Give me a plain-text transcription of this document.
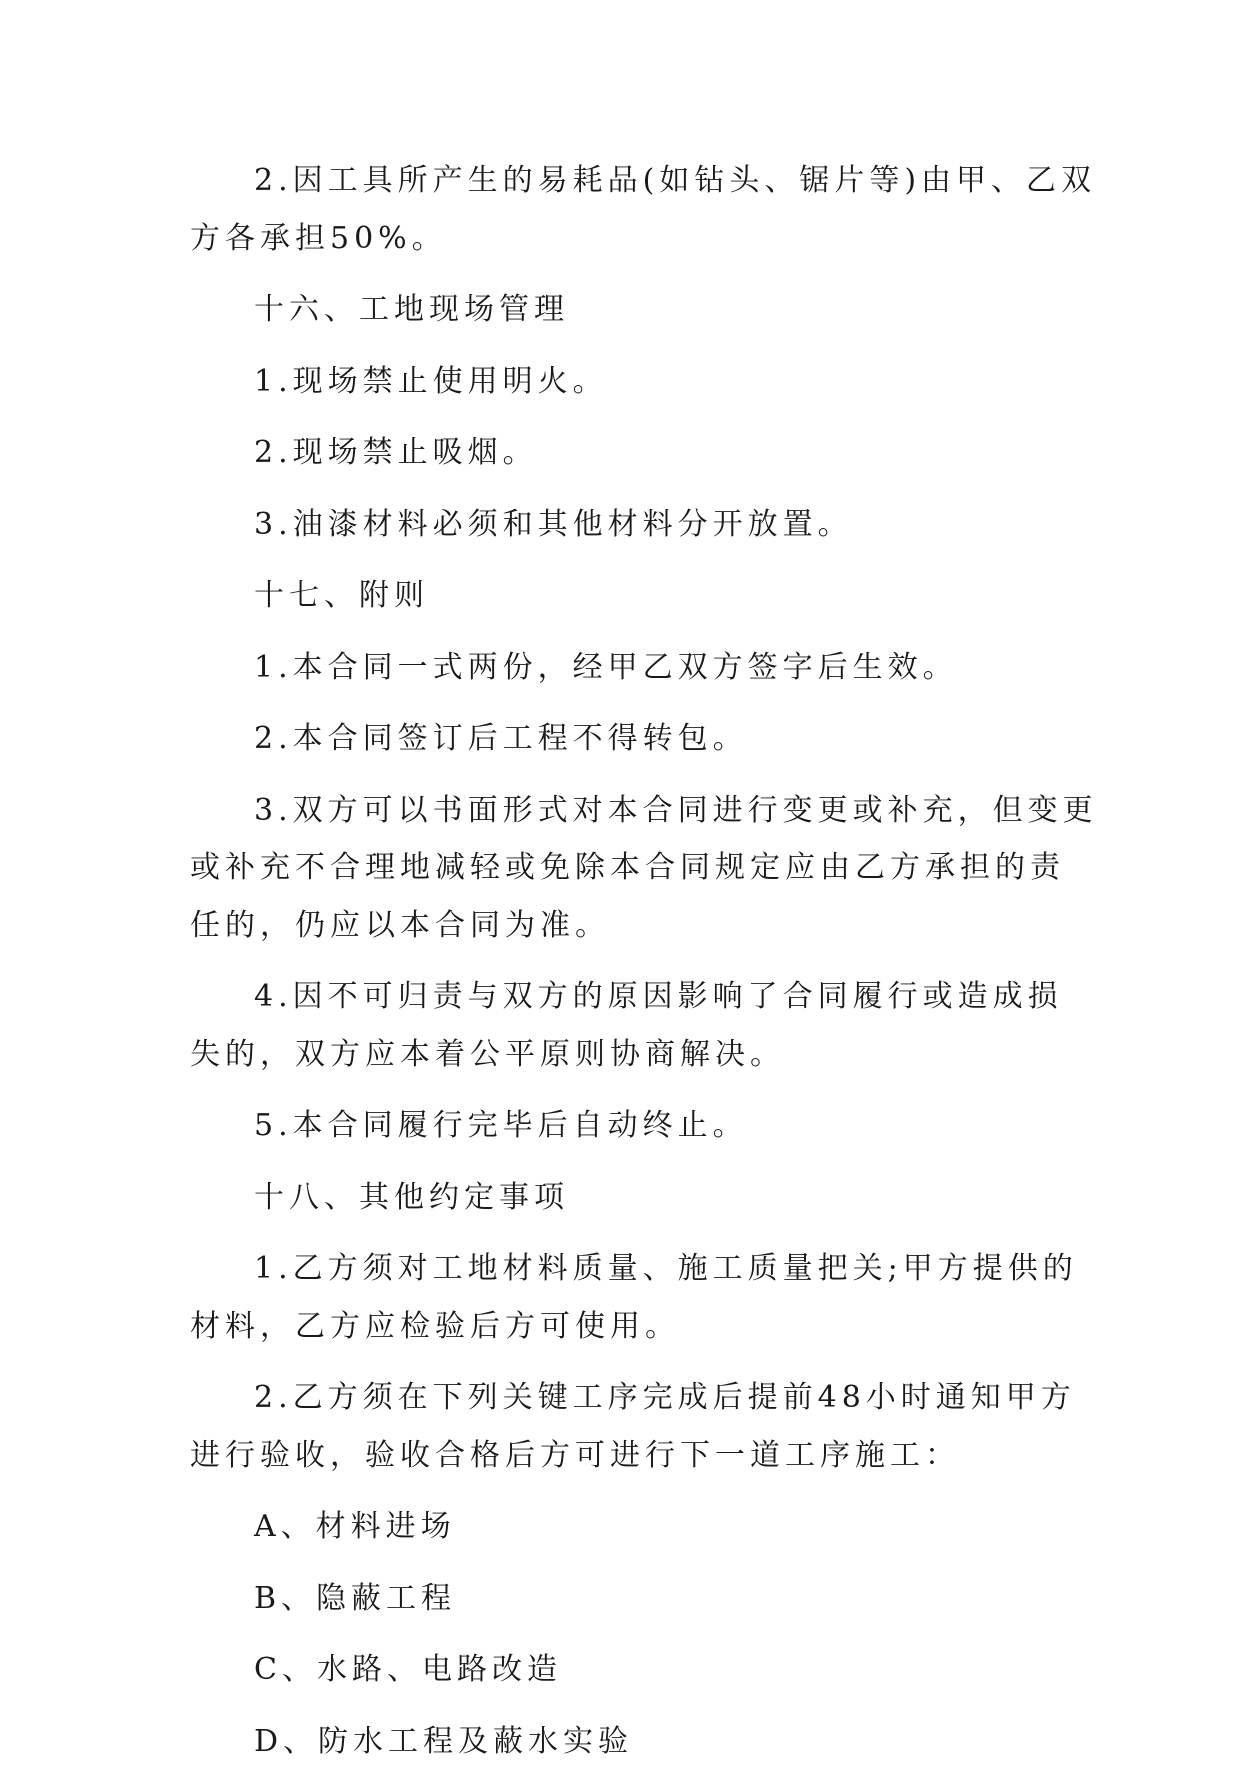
2.因工具所产生的易耗品(如钻头、锯片等)由甲、乙双
方各承担50%。
十六、工地现场管理
1.现场禁止使用明火。
2.现场禁止吸烟。
3.油漆材料必须和其他材料分开放置。
十七、附则
1.本合同一式两份，经甲乙双方签字后生效。
2.本合同签订后工程不得转包。
3.双方可以书面形式对本合同进行变更或补充，但变更
或补充不合理地减轻或免除本合同规定应由乙方承担的责
任的，仍应以本合同为准。
4.因不可归责与双方的原因影响了合同履行或造成损
失的，双方应本着公平原则协商解决。
5.本合同履行完毕后自动终止。
十八、其他约定事项
1.乙方须对工地材料质量、施工质量把关;甲方提供的
材料，乙方应检验后方可使用。
2.乙方须在下列关键工序完成后提前48小时通知甲方
进行验收，验收合格后方可进行下一道工序施工：
A、材料进场
B、隐蔽工程
C、水路、电路改造
D、防水工程及蔽水实验
